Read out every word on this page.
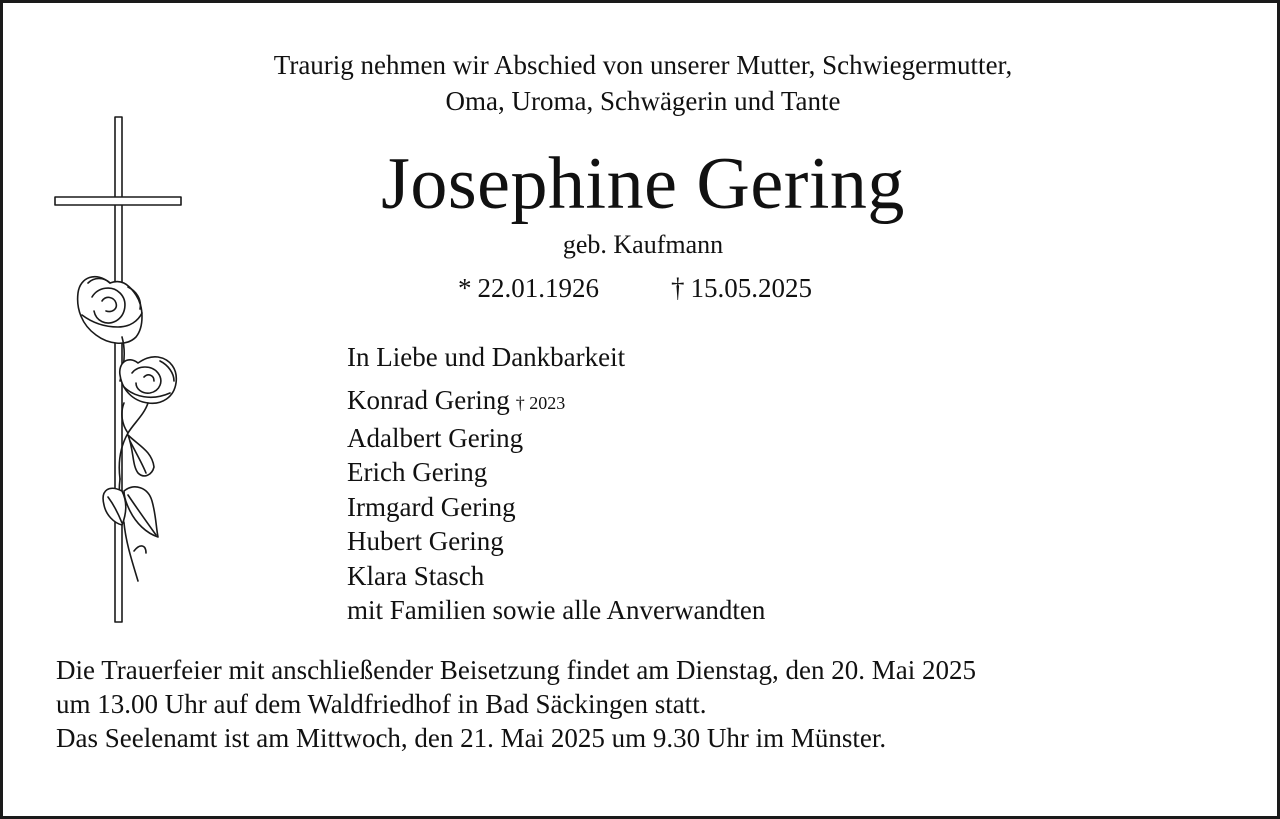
Traurig nehmen wir Abschied von unserer Mutter, Schwiegermutter,
Oma, Uroma, Schwägerin und Tante
Josephine Gering
geb. Kaufmann
* 22.01.1926	† 15.05.2025
In Liebe und Dankbarkeit
Konrad Gering † 2023
Adalbert Gering
Erich Gering
Irmgard Gering
Hubert Gering
Klara Stasch
mit Familien sowie alle Anverwandten
Die Trauerfeier mit anschließender Beisetzung findet am Dienstag, den 20. Mai 2025
um 13.00 Uhr auf dem Waldfriedhof in Bad Säckingen statt.
Das Seelenamt ist am Mittwoch, den 21. Mai 2025 um 9.30 Uhr im Münster.
